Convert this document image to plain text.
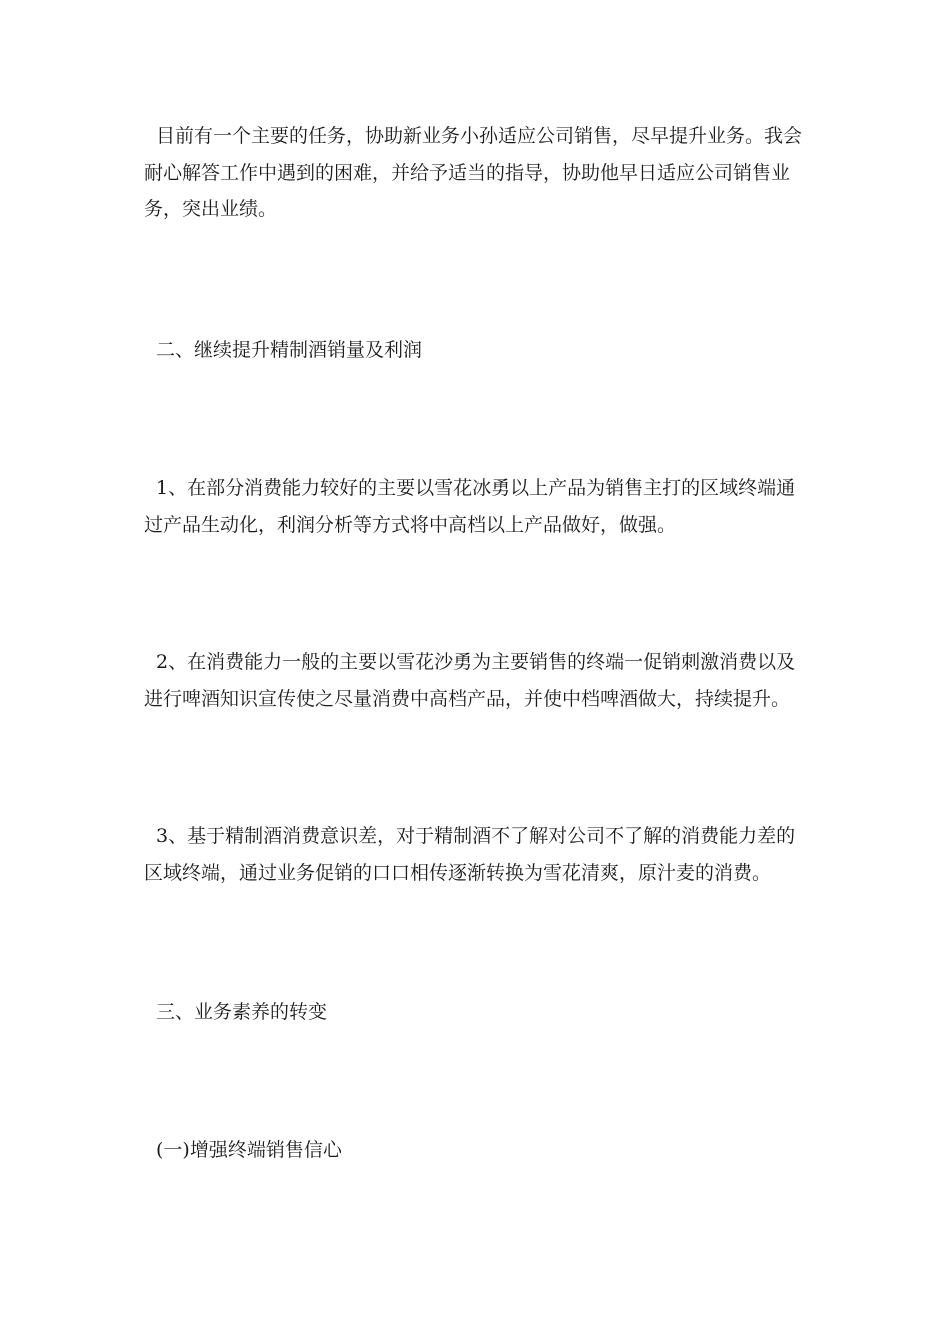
目前有一个主要的任务，协助新业务小孙适应公司销售，尽早提升业务。我会
耐心解答工作中遇到的困难，并给予适当的指导，协助他早日适应公司销售业
务，突出业绩。
二、继续提升精制酒销量及利润
1、在部分消费能力较好的主要以雪花冰勇以上产品为销售主打的区域终端通
过产品生动化，利润分析等方式将中高档以上产品做好，做强。
2、在消费能力一般的主要以雪花沙勇为主要销售的终端一促销刺激消费以及
进行啤酒知识宣传使之尽量消费中高档产品，并使中档啤酒做大，持续提升。
3、基于精制酒消费意识差，对于精制酒不了解对公司不了解的消费能力差的
区域终端，通过业务促销的口口相传逐渐转换为雪花清爽，原汁麦的消费。
三、业务素养的转变
(一)增强终端销售信心
